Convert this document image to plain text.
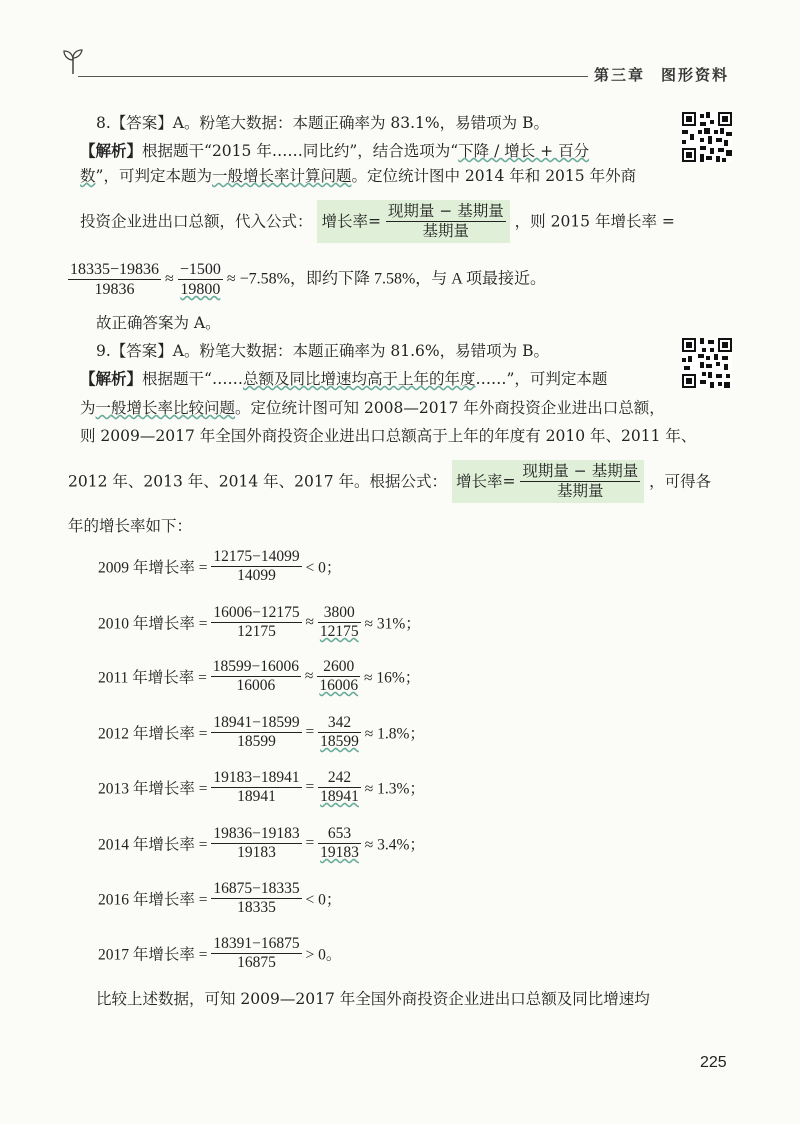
第三章 图形资料
8.【答案】A。粉笔大数据：本题正确率为 83.1%，易错项为 B。
【解析】根据题干“2015 年……同比约”，结合选项为“下降 / 增长 + 百分
数”，可判定本题为一般增长率计算问题。定位统计图中 2014 年和 2015 年外商
投资企业进出口总额，代入公式： 增长率= $\frac{\text{现期量 − 基期量}}{\text{基期量}}$ ，则 2015 年增长率 =
$\frac{18335-19836}{19836} \approx \frac{-1500}{19800} \approx -7.58\%$，即约下降 7.58%，与 A 项最接近。
故正确答案为 A。
9.【答案】A。粉笔大数据：本题正确率为 81.6%，易错项为 B。
【解析】根据题干“……总额及同比增速均高于上年的年度……”，可判定本题
为一般增长率比较问题。定位统计图可知 2008—2017 年外商投资企业进出口总额，
则 2009—2017 年全国外商投资企业进出口总额高于上年的年度有 2010 年、2011 年、
2012 年、2013 年、2014 年、2017 年。根据公式： 增长率= $\frac{\text{现期量 − 基期量}}{\text{基期量}}$ ，可得各
年的增长率如下：
2009 年增长率 = $\frac{12175-14099}{14099} < 0$；
2010 年增长率 = $\frac{16006-12175}{12175} \approx \frac{3800}{12175} \approx 31\%$；
2011 年增长率 = $\frac{18599-16006}{16006} \approx \frac{2600}{16006} \approx 16\%$；
2012 年增长率 = $\frac{18941-18599}{18599} = \frac{342}{18599} \approx 1.8\%$；
2013 年增长率 = $\frac{19183-18941}{18941} = \frac{242}{18941} \approx 1.3\%$；
2014 年增长率 = $\frac{19836-19183}{19183} = \frac{653}{19183} \approx 3.4\%$；
2016 年增长率 = $\frac{16875-18335}{18335} < 0$；
2017 年增长率 = $\frac{18391-16875}{16875} > 0$。
比较上述数据，可知 2009—2017 年全国外商投资企业进出口总额及同比增速均
225
